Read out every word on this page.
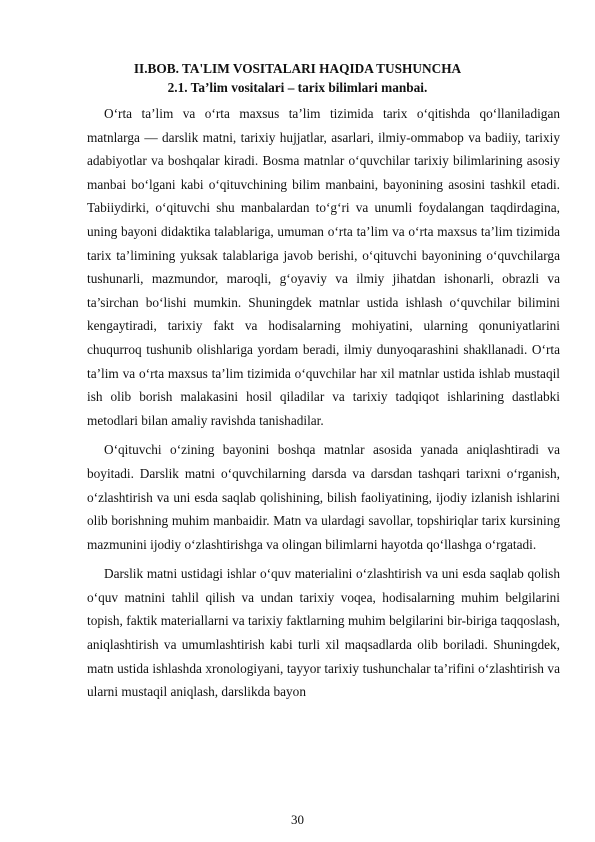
II.BOB. TA'LIM VOSITALARI HAQIDA TUSHUNCHA
2.1. Ta’lim vositalari – tarix bilimlari manbai.

O‘rta ta’lim va o‘rta maxsus ta’lim tizimida tarix o‘qitishda qo‘llaniladigan matnlarga — darslik matni, tarixiy hujjatlar, asarlari, ilmiy-ommabop va badiiy, tarixiy adabiyotlar va boshqalar kiradi. Bosma matnlar o‘quvchilar tarixiy bilimlarining asosiy manbai bo‘lgani kabi o‘qituvchining bilim manbaini, bayonining asosini tashkil etadi. Tabiiydirki, o‘qituvchi shu manbalardan to‘g‘ri va unumli foydalangan taqdirdagina, uning bayoni didaktika talablariga, umuman o‘rta ta’lim va o‘rta maxsus ta’lim tizimida tarix ta’limining yuksak talablariga javob berishi, o‘qituvchi bayonining o‘quvchilarga tushunarli, mazmundor, maroqli, g‘oyaviy va ilmiy jihatdan ishonarli, obrazli va ta’sirchan bo‘lishi mumkin. Shuningdek matnlar ustida ishlash o‘quvchilar bilimini kengaytiradi, tarixiy fakt va hodisalarning mohiyatini, ularning qonuniyatlarini chuqurroq tushunib olishlariga yordam beradi, ilmiy dunyoqarashini shakllanadi. O‘rta ta’lim va o‘rta maxsus ta’lim tizimida o‘quvchilar har xil matnlar ustida ishlab mustaqil ish olib borish malakasini hosil qiladilar va tarixiy tadqiqot ishlarining dastlabki metodlari bilan amaliy ravishda tanishadilar.

O‘qituvchi o‘zining bayonini boshqa matnlar asosida yanada aniqlashtiradi va boyitadi. Darslik matni o‘quvchilarning darsda va darsdan tashqari tarixni o‘rganish, o‘zlashtirish va uni esda saqlab qolishining, bilish faoliyatining, ijodiy izlanish ishlarini olib borishning muhim manbaidir. Matn va ulardagi savollar, topshiriqlar tarix kursining mazmunini ijodiy o‘zlashtirishga va olingan bilimlarni hayotda qo‘llashga o‘rgatadi.

Darslik matni ustidagi ishlar o‘quv materialini o‘zlashtirish va uni esda saqlab qolish o‘quv matnini tahlil qilish va undan tarixiy voqea, hodisalarning muhim belgilarini topish, faktik materiallarni va tarixiy faktlarning muhim belgilarini bir-biriga taqqoslash, aniqlashtirish va umumlashtirish kabi turli xil maqsadlarda olib boriladi. Shuningdek, matn ustida ishlashda xronologiyani, tayyor tarixiy tushunchalar ta’rifini o‘zlashtirish va ularni mustaqil aniqlash, darslikda bayon

30
